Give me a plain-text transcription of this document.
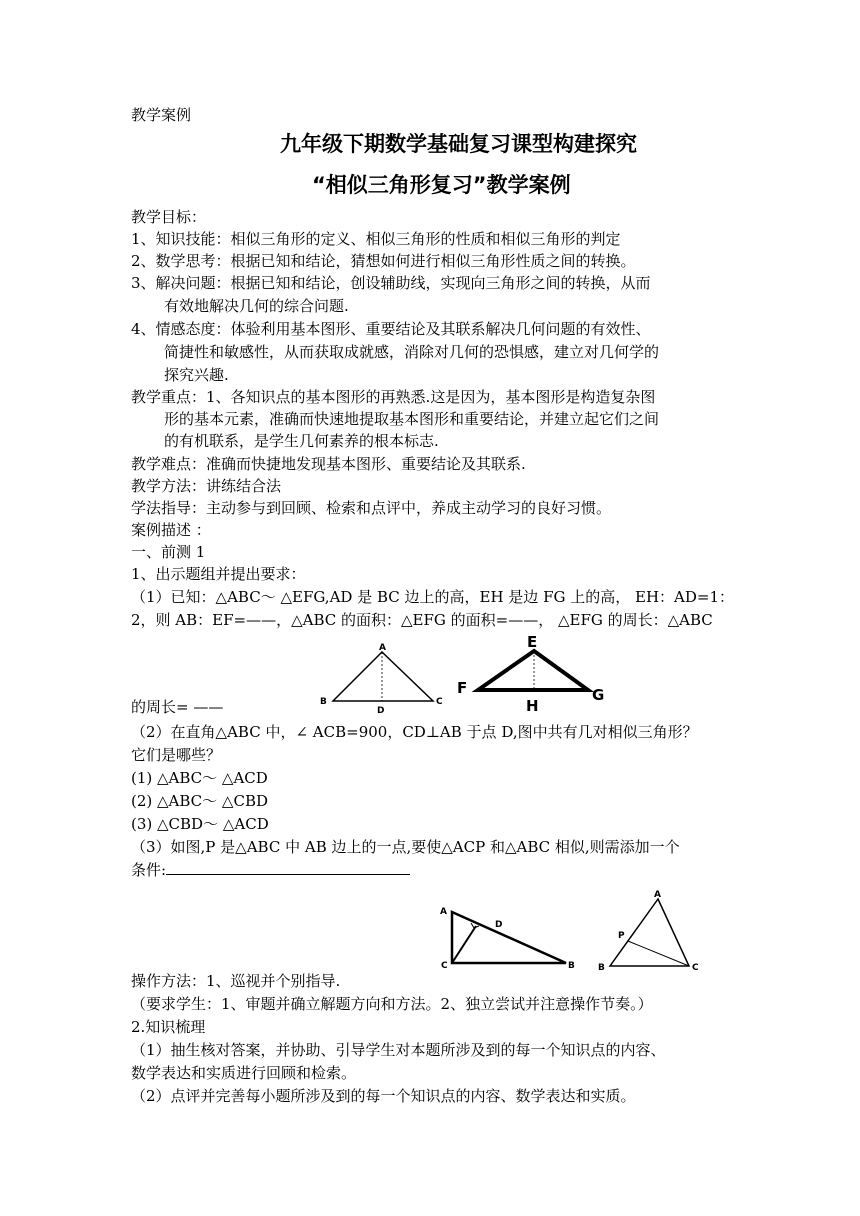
教学案例
九年级下期数学基础复习课型构建探究
“相似三角形复习”教学案例
教学目标：
1、知识技能：相似三角形的定义、相似三角形的性质和相似三角形的判定
2、数学思考：根据已知和结论，猜想如何进行相似三角形性质之间的转换。
3、解决问题：根据已知和结论，创设辅助线，实现向三角形之间的转换，从而
有效地解决几何的综合问题.
4、情感态度：体验利用基本图形、重要结论及其联系解决几何问题的有效性、
简捷性和敏感性，从而获取成就感，消除对几何的恐惧感，建立对几何学的
探究兴趣.
教学重点：1、各知识点的基本图形的再熟悉.这是因为，基本图形是构造复杂图
形的基本元素，准确而快速地提取基本图形和重要结论，并建立起它们之间
的有机联系，是学生几何素养的根本标志.
教学难点：准确而快捷地发现基本图形、重要结论及其联系.
教学方法：讲练结合法
学法指导：主动参与到回顾、检索和点评中，养成主动学习的良好习惯。
案例描述 ：
一、前测 1
1、出示题组并提出要求：
（1）已知：△ABC～ △EFG,AD 是 BC 边上的高，EH 是边 FG 上的高， EH：AD=1：
2，则 AB：EF=——，△ABC 的面积：△EFG 的面积=——， △EFG 的周长：△ABC
A
B	C
D
E
F	G
H
的周长= ——
（2）在直角△ABC 中，∠ ACB=900，CD⊥AB 于点 D,图中共有几对相似三角形？
它们是哪些？
(1) △ABC～ △ACD
(2) △ABC～ △CBD
(3) △CBD～ △ACD
（3）如图,P 是△ABC 中 AB 边上的一点,要使△ACP 和△ABC 相似,则需添加一个
条件:
A
D
C	B
A
P
B	C
操作方法：1、巡视并个别指导.
（要求学生：1、审题并确立解题方向和方法。2、独立尝试并注意操作节奏。）
2.知识梳理
（1）抽生核对答案，并协助、引导学生对本题所涉及到的每一个知识点的内容、
数学表达和实质进行回顾和检索。
（2）点评并完善每小题所涉及到的每一个知识点的内容、数学表达和实质。
